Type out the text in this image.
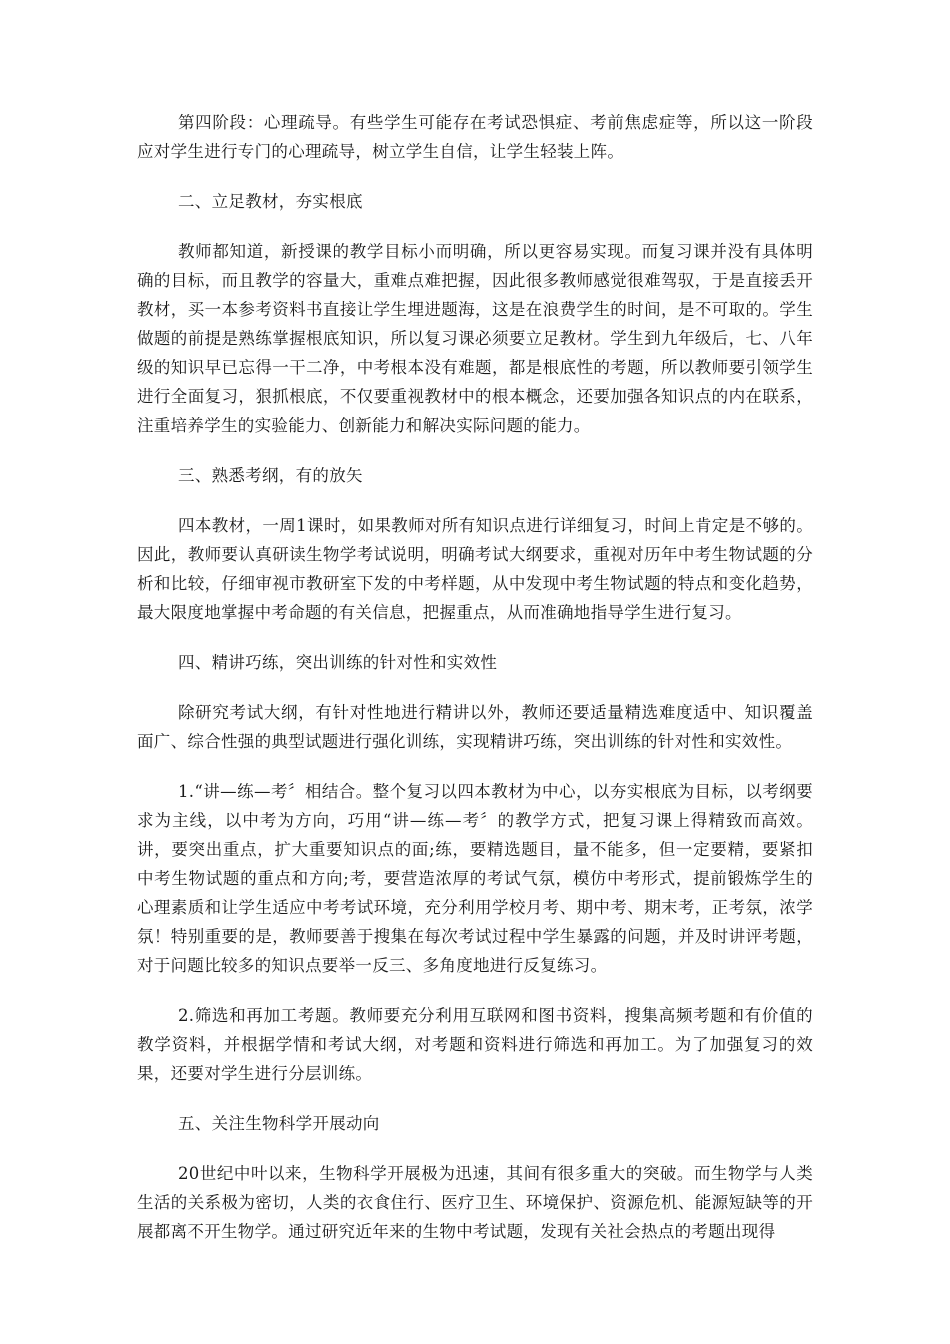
第四阶段：心理疏导。有些学生可能存在考试恐惧症、考前焦虑症等，所以这一阶段应对学生进行专门的心理疏导，树立学生自信，让学生轻装上阵。

二、立足教材，夯实根底

教师都知道，新授课的教学目标小而明确，所以更容易实现。而复习课并没有具体明确的目标，而且教学的容量大，重难点难把握，因此很多教师感觉很难驾驭，于是直接丢开教材，买一本参考资料书直接让学生埋进题海，这是在浪费学生的时间，是不可取的。学生做题的前提是熟练掌握根底知识，所以复习课必须要立足教材。学生到九年级后，七、八年级的知识早已忘得一干二净，中考根本没有难题，都是根底性的考题，所以教师要引领学生进行全面复习，狠抓根底，不仅要重视教材中的根本概念，还要加强各知识点的内在联系，注重培养学生的实验能力、创新能力和解决实际问题的能力。

三、熟悉考纲，有的放矢

四本教材，一周1课时，如果教师对所有知识点进行详细复习，时间上肯定是不够的。因此，教师要认真研读生物学考试说明，明确考试大纲要求，重视对历年中考生物试题的分析和比较，仔细审视市教研室下发的中考样题，从中发现中考生物试题的特点和变化趋势，最大限度地掌握中考命题的有关信息，把握重点，从而准确地指导学生进行复习。

四、精讲巧练，突出训练的针对性和实效性

除研究考试大纲，有针对性地进行精讲以外，教师还要适量精选难度适中、知识覆盖面广、综合性强的典型试题进行强化训练，实现精讲巧练，突出训练的针对性和实效性。

1.“讲—练—考〞相结合。整个复习以四本教材为中心，以夯实根底为目标，以考纲要求为主线，以中考为方向，巧用“讲—练—考〞的教学方式，把复习课上得精致而高效。讲，要突出重点，扩大重要知识点的面;练，要精选题目，量不能多，但一定要精，要紧扣中考生物试题的重点和方向;考，要营造浓厚的考试气氛，模仿中考形式，提前锻炼学生的心理素质和让学生适应中考考试环境，充分利用学校月考、期中考、期末考，正考氛，浓学氛！特别重要的是，教师要善于搜集在每次考试过程中学生暴露的问题，并及时讲评考题，对于问题比较多的知识点要举一反三、多角度地进行反复练习。

2.筛选和再加工考题。教师要充分利用互联网和图书资料，搜集高频考题和有价值的教学资料，并根据学情和考试大纲，对考题和资料进行筛选和再加工。为了加强复习的效果，还要对学生进行分层训练。

五、关注生物科学开展动向

20世纪中叶以来，生物科学开展极为迅速，其间有很多重大的突破。而生物学与人类生活的关系极为密切，人类的衣食住行、医疗卫生、环境保护、资源危机、能源短缺等的开展都离不开生物学。通过研究近年来的生物中考试题，发现有关社会热点的考题出现得
